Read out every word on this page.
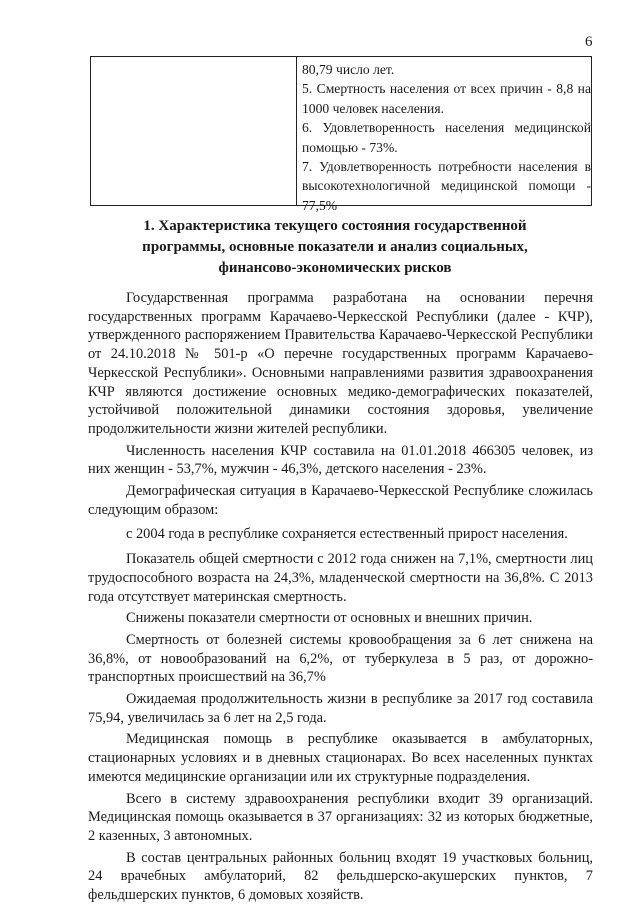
6
80,79 число лет.
5. Смертность населения от всех причин - 8,8 на 1000 человек населения.
6. Удовлетворенность населения медицинской помощью - 73%.
7. Удовлетворенность потребности населения в высокотехнологичной медицинской помощи - 77,5%
1. Характеристика текущего состояния государственной программы, основные показатели и анализ социальных, финансово-экономических рисков

Государственная программа разработана на основании перечня государственных программ Карачаево-Черкесской Республики (далее - КЧР), утвержденного распоряжением Правительства Карачаево-Черкесской Республики от 24.10.2018 № 501-р «О перечне государственных программ Карачаево-Черкесской Республики». Основными направлениями развития здравоохранения КЧР являются достижение основных медико-демографических показателей, устойчивой положительной динамики состояния здоровья, увеличение продолжительности жизни жителей республики.

Численность населения КЧР составила на 01.01.2018 466305 человек, из них женщин - 53,7%, мужчин - 46,3%, детского населения - 23%.

Демографическая ситуация в Карачаево-Черкесской Республике сложилась следующим образом:

с 2004 года в республике сохраняется естественный прирост населения.

Показатель общей смертности с 2012 года снижен на 7,1%, смертности лиц трудоспособного возраста на 24,3%, младенческой смертности на 36,8%. С 2013 года отсутствует материнская смертность.

Снижены показатели смертности от основных и внешних причин.

Смертность от болезней системы кровообращения за 6 лет снижена на 36,8%, от новообразований на 6,2%, от туберкулеза в 5 раз, от дорожно-транспортных происшествий на 36,7%

Ожидаемая продолжительность жизни в республике за 2017 год составила 75,94, увеличилась за 6 лет на 2,5 года.

Медицинская помощь в республике оказывается в амбулаторных, стационарных условиях и в дневных стационарах. Во всех населенных пунктах имеются медицинские организации или их структурные подразделения.

Всего в систему здравоохранения республики входит 39 организаций. Медицинская помощь оказывается в 37 организациях: 32 из которых бюджетные, 2 казенных, 3 автономных.

В состав центральных районных больниц входят 19 участковых больниц, 24 врачебных амбулаторий, 82 фельдшерско-акушерских пунктов, 7 фельдшерских пунктов, 6 домовых хозяйств.
